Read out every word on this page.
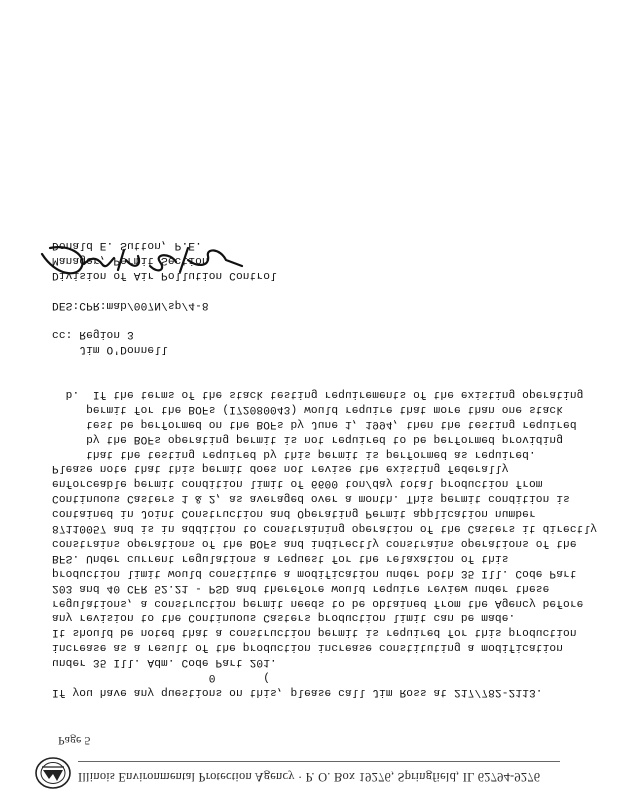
Illinois Environmental Protection Agency · P. O. Box 19276, Springfield, IL 62794-9276
Page 5
If you have any questions on this, please call Jim Ross at 217/782-2113.
0       (
under 35 Ill. Adm. Code Part 201.
increase as a result of the production increase constituting a modification
It should be noted that a construction permit is required for this production
any revision to the Continuous Casters production limit can be made.
regulations, a construction permit needs to be obtained from the Agency before
203 and 40 CFR 52.21 - PSD and therefore would require review under these
production limit would constitute a modification under both 35 Ill. Code Part
BFS. Under current regulations a request for the relaxation of this
constrains operations of the BOFs and indirectly constrains operations of the
87110057 and is in addition to constraining operation of the Casters it directly
contained in Joint Construction and Operating Permit application number
Continuous Casters 1 & 2, as averaged over a month. This permit condition is
enforceable permit condition limit of 6600 ton/day total production from
Please note that this permit does not revise the existing federally
that the testing required by this permit is performed as required.
by the BOFs operating permit is not required to be performed providing
test be performed on the BOFs by June 1, 1994, then the testing required
permit for the BOFs (I72080043) would require that more than one stack
b.  If the terms of the stack testing requirements of the existing operating
Jim O'Donnell
cc: Region 3
DES:CPR:mab/007N/sp/4-8
Division of Air Pollution Control
Manager, Permit Section
Donald E. Sutton, P.E.
